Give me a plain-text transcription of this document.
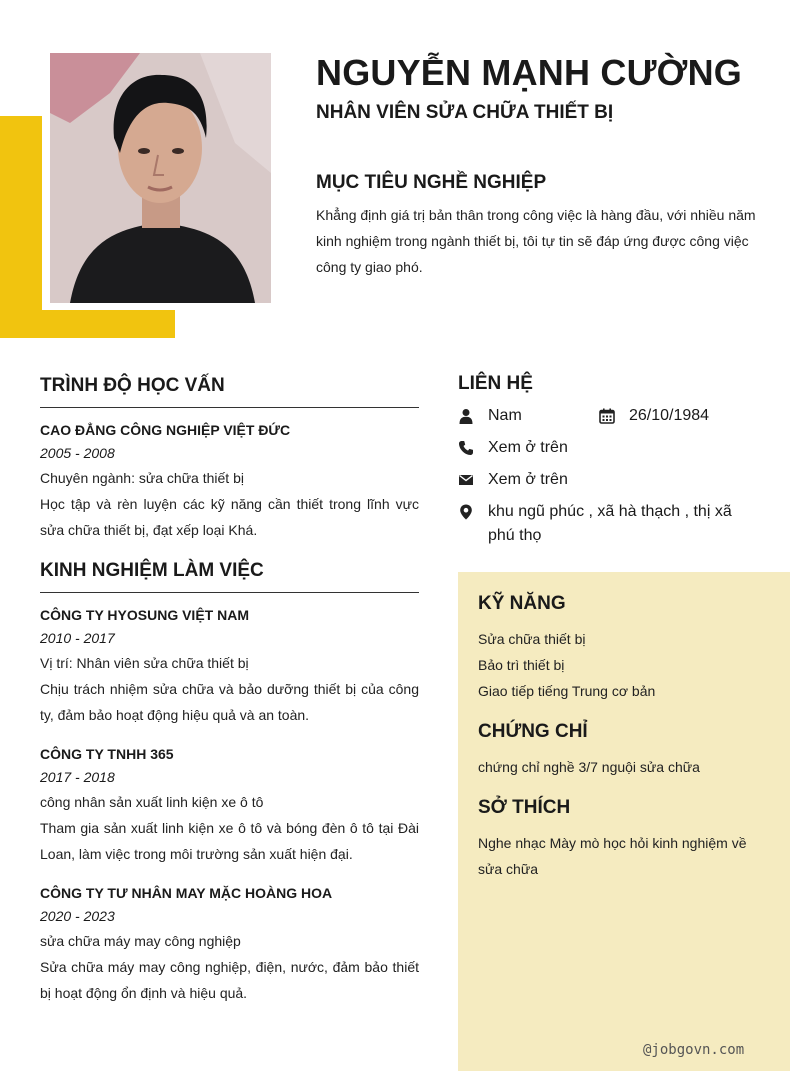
NGUYỄN MẠNH CƯỜNG
NHÂN VIÊN SỬA CHỮA THIẾT BỊ
MỤC TIÊU NGHỀ NGHIỆP
Khẳng định giá trị bản thân trong công việc là hàng đầu, với nhiều năm kinh nghiệm trong ngành thiết bị, tôi tự tin sẽ đáp ứng được công việc công ty giao phó.
TRÌNH ĐỘ HỌC VẤN
CAO ĐẲNG CÔNG NGHIỆP VIỆT ĐỨC
2005 - 2008
Chuyên ngành: sửa chữa thiết bị
Học tập và rèn luyện các kỹ năng cần thiết trong lĩnh vực sửa chữa thiết bị, đạt xếp loại Khá.
KINH NGHIỆM LÀM VIỆC
CÔNG TY HYOSUNG VIỆT NAM
2010 - 2017
Vị trí: Nhân viên sửa chữa thiết bị
Chịu trách nhiệm sửa chữa và bảo dưỡng thiết bị của công ty, đảm bảo hoạt động hiệu quả và an toàn.
CÔNG TY TNHH 365
2017 - 2018
công nhân sản xuất linh kiện xe ô tô
Tham gia sản xuất linh kiện xe ô tô và bóng đèn ô tô tại Đài Loan, làm việc trong môi trường sản xuất hiện đại.
CÔNG TY TƯ NHÂN MAY MẶC HOÀNG HOA
2020 - 2023
sửa chữa máy may công nghiệp
Sửa chữa máy may công nghiệp, điện, nước, đảm bảo thiết bị hoạt động ổn định và hiệu quả.
LIÊN HỆ
Nam	26/10/1984
Xem ở trên
Xem ở trên
khu ngũ phúc , xã hà thạch , thị xã phú thọ
KỸ NĂNG
Sửa chữa thiết bị
Bảo trì thiết bị
Giao tiếp tiếng Trung cơ bản
CHỨNG CHỈ
chứng chỉ nghề 3/7 nguội sửa chữa
SỞ THÍCH
Nghe nhạc Mày mò học hỏi kinh nghiệm về sửa chữa
@jobgovn.com
